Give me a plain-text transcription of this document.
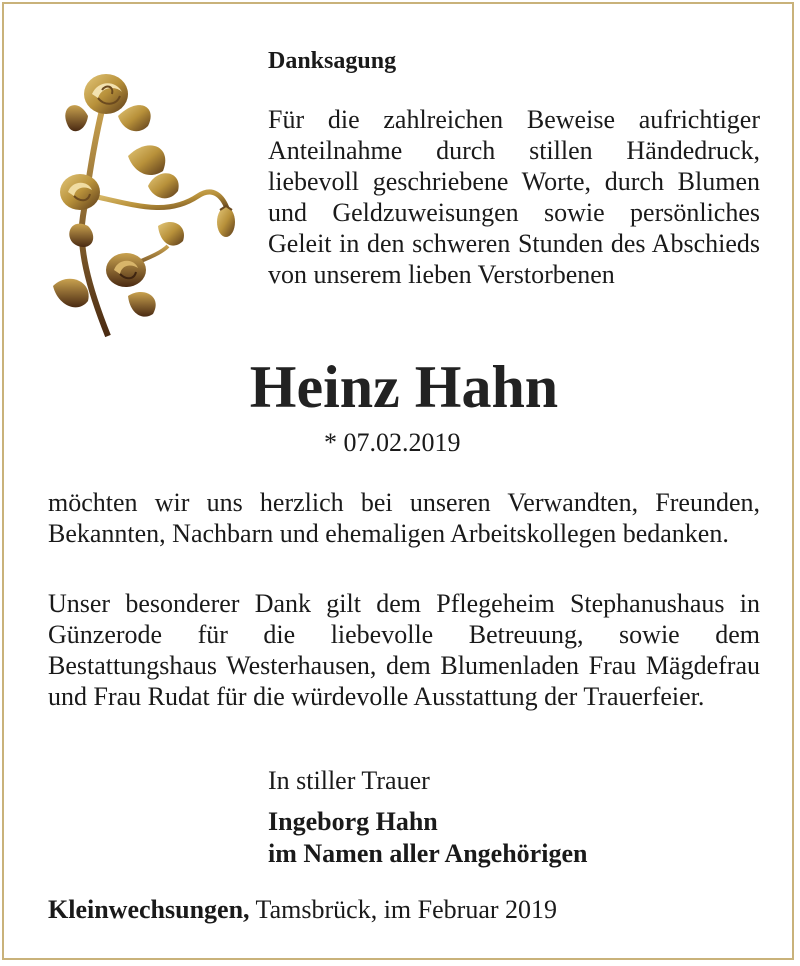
Danksagung
Für die zahlreichen Beweise aufrichtiger Anteilnahme durch stillen Händedruck, liebevoll geschriebene Worte, durch Blumen und Geldzuweisungen sowie persönliches Geleit in den schweren Stunden des Abschieds von unserem lieben Verstorbenen
Heinz Hahn
* 07.02.2019
möchten wir uns herzlich bei unseren Verwandten, Freunden, Bekannten, Nachbarn und ehemaligen Arbeitskollegen bedanken.
Unser besonderer Dank gilt dem Pflegeheim Stephanushaus in Günzerode für die liebevolle Betreuung, sowie dem Bestattungshaus Westerhausen, dem Blumenladen Frau Mägdefrau und Frau Rudat für die würdevolle Ausstattung der Trauerfeier.
In stiller Trauer
Ingeborg Hahn
im Namen aller Angehörigen
Kleinwechsungen, Tamsbrück, im Februar 2019
